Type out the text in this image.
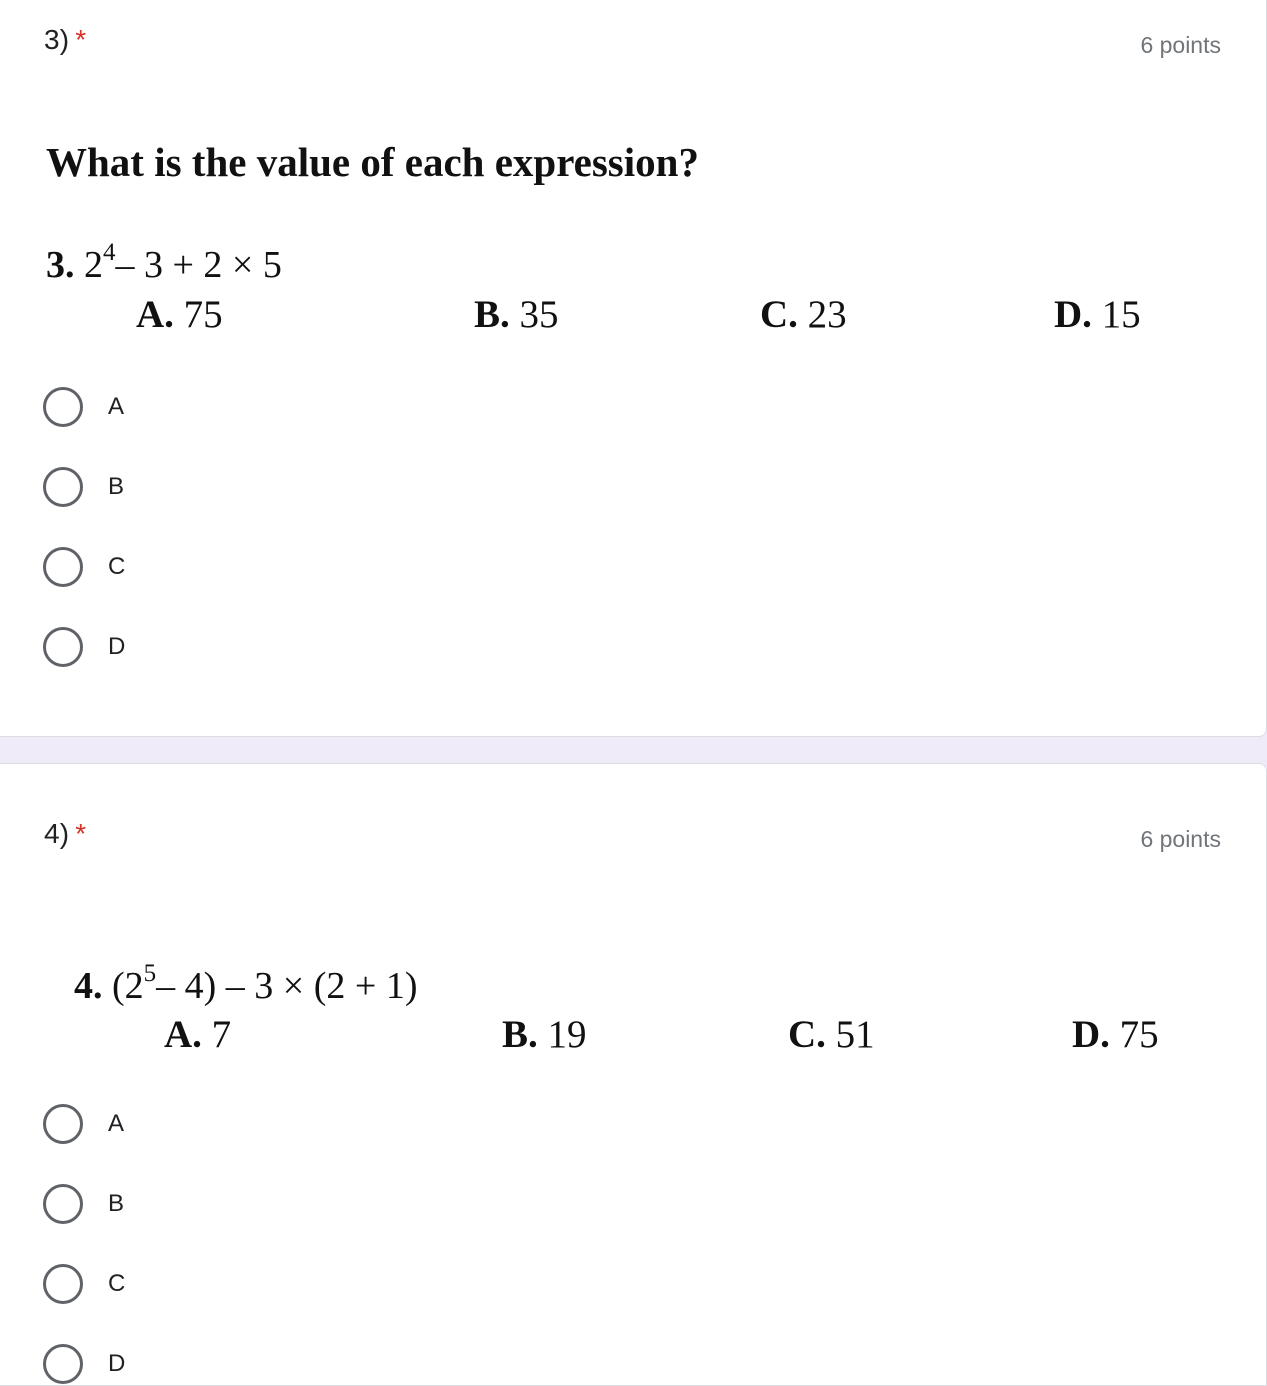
3) *	6 points
What is the value of each expression?
3. $2^4-$ 3 + 2 × 5
A. 75	B. 35	C. 23	D. 15
A
B
C
D
4) *	6 points
4. ($2^5-$ 4) – 3 × (2 + 1)
A. 7	B. 19	C. 51	D. 75
A
B
C
D
